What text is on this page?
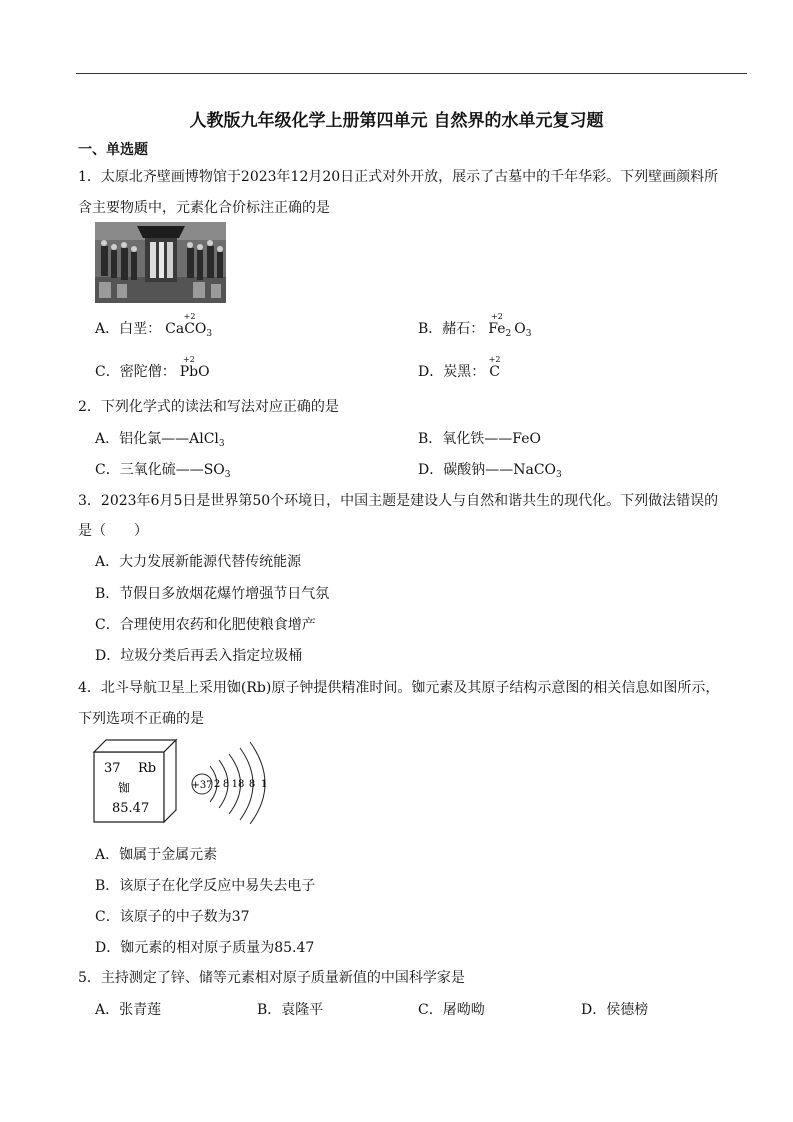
人教版九年级化学上册第四单元 自然界的水单元复习题
一、单选题
1．太原北齐壁画博物馆于2023年12月20日正式对外开放，展示了古墓中的千年华彩。下列壁画颜料所
含主要物质中，元素化合价标注正确的是
A．白垩： Ca
+2
$CO_3$	B．赭石：
+2
$Fe_2$ $O_3$
C．密陀僧：
+2
PbO	D．炭黑：
+2
C
2．下列化学式的读法和写法对应正确的是
A．铝化氯——AlCl$_3$	B．氧化铁——FeO
C．三氧化硫$——SO_3$	D．碳酸钠——NaCO$_3$
3．2023年6月5日是世界第50个环境日，中国主题是建设人与自然和谐共生的现代化。下列做法错误的
是（　　）
A．大力发展新能源代替传统能源
B．节假日多放烟花爆竹增强节日气氛
C．合理使用农药和化肥使粮食增产
D．垃圾分类后再丢入指定垃圾桶
4．北斗导航卫星上采用铷(Rb)原子钟提供精准时间。铷元素及其原子结构示意图的相关信息如图所示，
下列选项不正确的是
37 Rb
铷
85.47
+37 2 8 18 8 1
A．铷属于金属元素
B．该原子在化学反应中易失去电子
C．该原子的中子数为37
D．铷元素的相对原子质量为85.47
5．主持测定了锌、储等元素相对原子质量新值的中国科学家是
A．张青莲	B．袁隆平	C．屠呦呦	D．侯德榜
